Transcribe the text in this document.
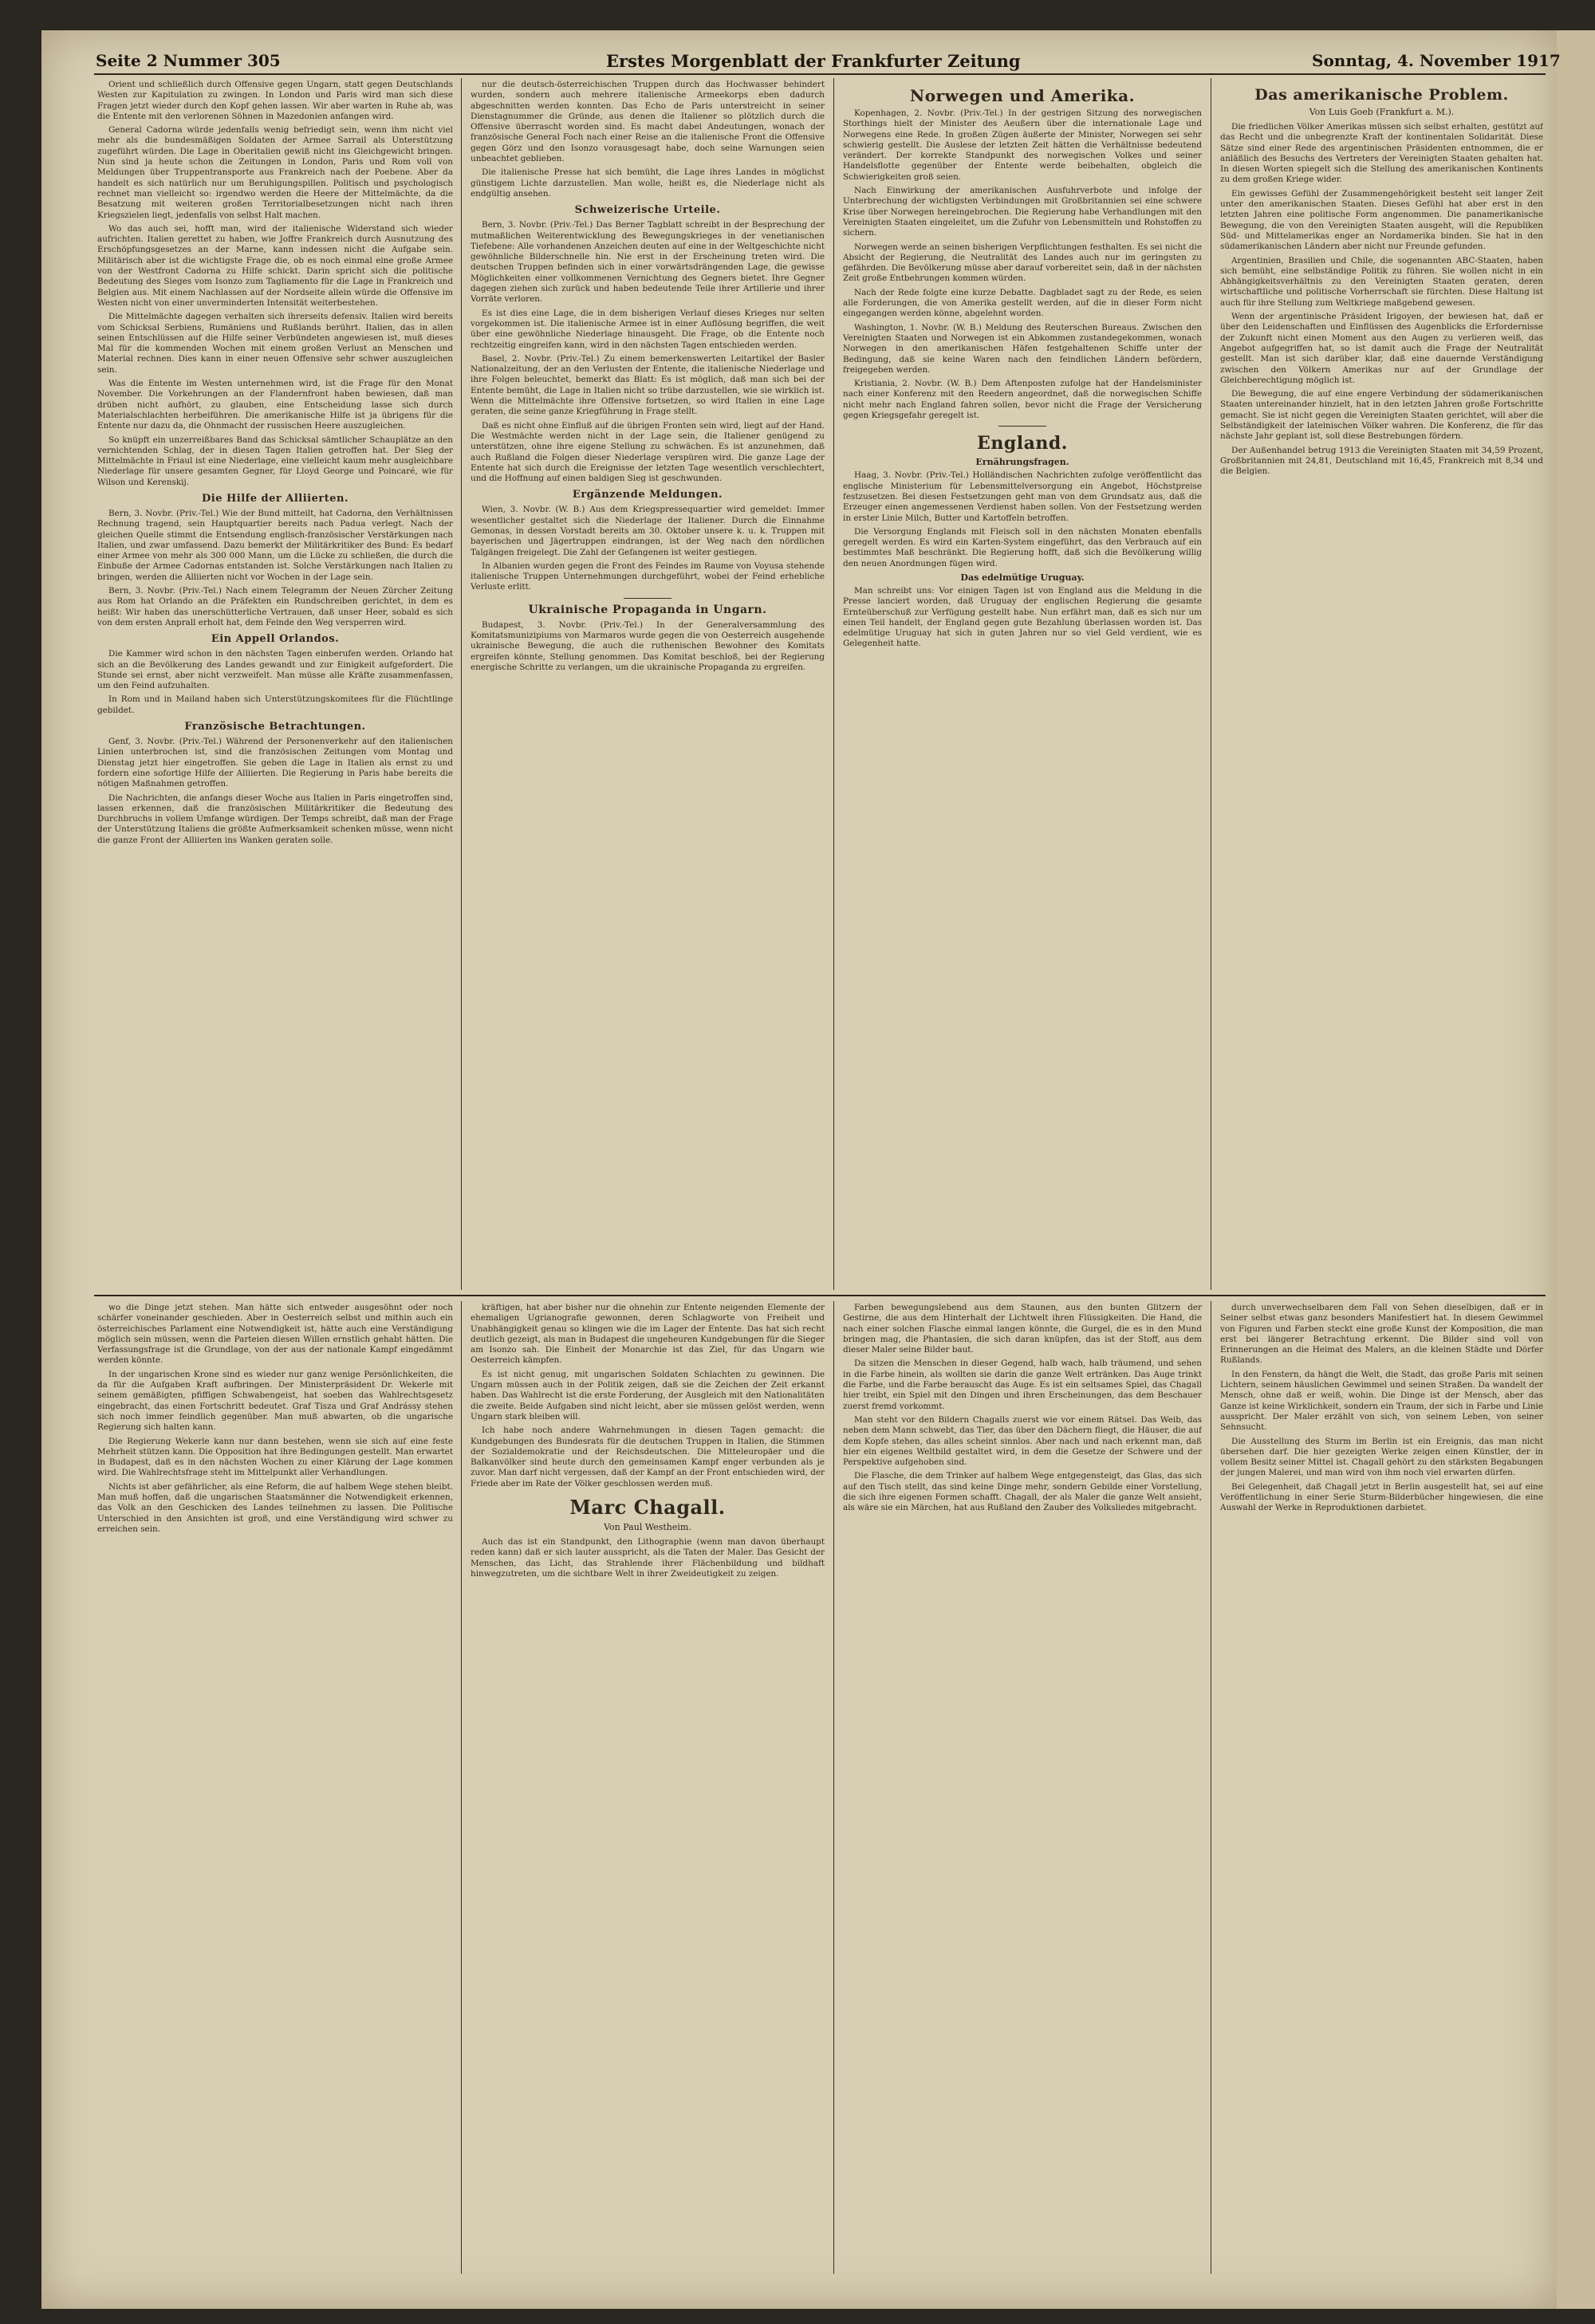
Seite 2 Nummer 305	Erstes Morgenblatt der Frankfurter Zeitung	Sonntag, 4. November 1917

Orient und schließlich durch Offensive gegen Ungarn, statt gegen Deutschlands Westen zur Kapitulation zu zwingen. In London und Paris wird man sich diese Fragen jetzt wieder durch den Kopf gehen lassen. Wir aber warten in Ruhe ab, was die Entente mit den verlorenen Söhnen in Mazedonien anfangen wird.

General Cadorna würde jedenfalls wenig befriedigt sein, wenn ihm nicht viel mehr als die bundesmäßigen Soldaten der Armee Sarrail als Unterstützung zugeführt würden. Die Lage in Oberitalien gewiß nicht ins Gleichgewicht bringen. Nun sind ja heute schon die Zeitungen in London, Paris und Rom voll von Meldungen über Truppentransporte aus Frankreich nach der Poebene. Aber da handelt es sich natürlich nur um Beruhigungspillen. Politisch und psychologisch rechnet man vielleicht so: irgendwo werden die Heere der Mittelmächte, da die Besatzung mit weiteren großen Territorialbesetzungen nicht nach ihren Kriegszielen liegt, jedenfalls von selbst Halt machen.

Wo das auch sei, hofft man, wird der italienische Widerstand sich wieder aufrichten. Italien gerettet zu haben, wie Joffre Frankreich durch Ausnutzung des Erschöpfungsgesetzes an der Marne, kann indessen nicht die Aufgabe sein. Militärisch aber ist die wichtigste Frage die, ob es noch einmal eine große Armee von der Westfront Cadorna zu Hilfe schickt. Darin spricht sich die politische Bedeutung des Sieges vom Isonzo zum Tagliamento für die Lage in Frankreich und Belgien aus. Mit einem Nachlassen auf der Nordseite allein würde die Offensive im Westen nicht von einer unverminderten Intensität weiterbestehen.

Die Mittelmächte dagegen verhalten sich ihrerseits defensiv. Italien wird bereits vom Schicksal Serbiens, Rumäniens und Rußlands berührt. Italien, das in allen seinen Entschlüssen auf die Hilfe seiner Verbündeten angewiesen ist, muß dieses Mal für die kommenden Wochen mit einem großen Verlust an Menschen und Material rechnen. Dies kann in einer neuen Offensive sehr schwer auszugleichen sein.

Was die Entente im Westen unternehmen wird, ist die Frage für den Monat November. Die Vorkehrungen an der Flandernfront haben bewiesen, daß man drüben nicht aufhört, zu glauben, eine Entscheidung lasse sich durch Materialschlachten herbeiführen. Die amerikanische Hilfe ist ja übrigens für die Entente nur dazu da, die Ohnmacht der russischen Heere auszugleichen.

So knüpft ein unzerreißbares Band das Schicksal sämtlicher Schauplätze an den vernichtenden Schlag, der in diesen Tagen Italien getroffen hat. Der Sieg der Mittelmächte in Friaul ist eine Niederlage, eine vielleicht kaum mehr ausgleichbare Niederlage für unsere gesamten Gegner, für Lloyd George und Poincaré, wie für Wilson und Kerenskij.

Die Hilfe der Alliierten.

Bern, 3. Novbr. (Priv.-Tel.) Wie der Bund mitteilt, hat Cadorna, den Verhältnissen Rechnung tragend, sein Hauptquartier bereits nach Padua verlegt. Nach der gleichen Quelle stimmt die Entsendung englisch-französischer Verstärkungen nach Italien, und zwar umfassend. Dazu bemerkt der Militärkritiker des Bund: Es bedarf einer Armee von mehr als 300 000 Mann, um die Lücke zu schließen, die durch die Einbuße der Armee Cadornas entstanden ist. Solche Verstärkungen nach Italien zu bringen, werden die Alliierten nicht vor Wochen in der Lage sein.

Bern, 3. Novbr. (Priv.-Tel.) Nach einem Telegramm der Neuen Zürcher Zeitung aus Rom hat Orlando an die Präfekten ein Rundschreiben gerichtet, in dem es heißt: Wir haben das unerschütterliche Vertrauen, daß unser Heer, sobald es sich von dem ersten Anprall erholt hat, dem Feinde den Weg versperren wird.

Ein Appell Orlandos.

Die Kammer wird schon in den nächsten Tagen einberufen werden. Orlando hat sich an die Bevölkerung des Landes gewandt und zur Einigkeit aufgefordert. Die Stunde sei ernst, aber nicht verzweifelt. Man müsse alle Kräfte zusammenfassen, um den Feind aufzuhalten.

In Rom und in Mailand haben sich Unterstützungskomitees für die Flüchtlinge gebildet.

Französische Betrachtungen.

Genf, 3. Novbr. (Priv.-Tel.) Während der Personenverkehr auf den italienischen Linien unterbrochen ist, sind die französischen Zeitungen vom Montag und Dienstag jetzt hier eingetroffen. Sie geben die Lage in Italien als ernst zu und fordern eine sofortige Hilfe der Alliierten. Die Regierung in Paris habe bereits die nötigen Maßnahmen getroffen.

Die Nachrichten, die anfangs dieser Woche aus Italien in Paris eingetroffen sind, lassen erkennen, daß die französischen Militärkritiker die Bedeutung des Durchbruchs in vollem Umfange würdigen. Der Temps schreibt, daß man der Frage der Unterstützung Italiens die größte Aufmerksamkeit schenken müsse, wenn nicht die ganze Front der Alliierten ins Wanken geraten solle.

nur die deutsch-österreichischen Truppen durch das Hochwasser behindert wurden, sondern auch mehrere italienische Armeekorps eben dadurch abgeschnitten werden konnten. Das Echo de Paris unterstreicht in seiner Dienstagnummer die Gründe, aus denen die Italiener so plötzlich durch die Offensive überrascht worden sind. Es macht dabei Andeutungen, wonach der französische General Foch nach einer Reise an die italienische Front die Offensive gegen Görz und den Isonzo vorausgesagt habe, doch seine Warnungen seien unbeachtet geblieben.

Die italienische Presse hat sich bemüht, die Lage ihres Landes in möglichst günstigem Lichte darzustellen. Man wolle, heißt es, die Niederlage nicht als endgültig ansehen.

Schweizerische Urteile.

Bern, 3. Novbr. (Priv.-Tel.) Das Berner Tagblatt schreibt in der Besprechung der mutmaßlichen Weiterentwicklung des Bewegungskrieges in der venetianischen Tiefebene: Alle vorhandenen Anzeichen deuten auf eine in der Weltgeschichte nicht gewöhnliche Bilderschnelle hin. Nie erst in der Erscheinung treten wird. Die deutschen Truppen befinden sich in einer vorwärtsdrängenden Lage, die gewisse Möglichkeiten einer vollkommenen Vernichtung des Gegners bietet. Ihre Gegner dagegen ziehen sich zurück und haben bedeutende Teile ihrer Artillerie und ihrer Vorräte verloren.

Es ist dies eine Lage, die in dem bisherigen Verlauf dieses Krieges nur selten vorgekommen ist. Die italienische Armee ist in einer Auflösung begriffen, die weit über eine gewöhnliche Niederlage hinausgeht. Die Frage, ob die Entente noch rechtzeitig eingreifen kann, wird in den nächsten Tagen entschieden werden.

Basel, 2. Novbr. (Priv.-Tel.) Zu einem bemerkenswerten Leitartikel der Basler Nationalzeitung, der an den Verlusten der Entente, die italienische Niederlage und ihre Folgen beleuchtet, bemerkt das Blatt: Es ist möglich, daß man sich bei der Entente bemüht, die Lage in Italien nicht so trübe darzustellen, wie sie wirklich ist. Wenn die Mittelmächte ihre Offensive fortsetzen, so wird Italien in eine Lage geraten, die seine ganze Kriegführung in Frage stellt.

Daß es nicht ohne Einfluß auf die übrigen Fronten sein wird, liegt auf der Hand. Die Westmächte werden nicht in der Lage sein, die Italiener genügend zu unterstützen, ohne ihre eigene Stellung zu schwächen. Es ist anzunehmen, daß auch Rußland die Folgen dieser Niederlage verspüren wird. Die ganze Lage der Entente hat sich durch die Ereignisse der letzten Tage wesentlich verschlechtert, und die Hoffnung auf einen baldigen Sieg ist geschwunden.

Ergänzende Meldungen.

Wien, 3. Novbr. (W. B.) Aus dem Kriegspressequartier wird gemeldet: Immer wesentlicher gestaltet sich die Niederlage der Italiener. Durch die Einnahme Gemonas, in dessen Vorstadt bereits am 30. Oktober unsere k. u. k. Truppen mit bayerischen und Jägertruppen eindrangen, ist der Weg nach den nördlichen Talgängen freigelegt. Die Zahl der Gefangenen ist weiter gestiegen.

In Albanien wurden gegen die Front des Feindes im Raume von Voyusa stehende italienische Truppen Unternehmungen durchgeführt, wobei der Feind erhebliche Verluste erlitt.

Ukrainische Propaganda in Ungarn.

Budapest, 3. Novbr. (Priv.-Tel.) In der Generalversammlung des Komitatsmunizipiums von Marmaros wurde gegen die von Oesterreich ausgehende ukrainische Bewegung, die auch die ruthenischen Bewohner des Komitats ergreifen könnte, Stellung genommen. Das Komitat beschloß, bei der Regierung energische Schritte zu verlangen, um die ukrainische Propaganda zu ergreifen.

Norwegen und Amerika.

Kopenhagen, 2. Novbr. (Priv.-Tel.) In der gestrigen Sitzung des norwegischen Storthings hielt der Minister des Aeußern über die internationale Lage und Norwegens eine Rede. In großen Zügen äußerte der Minister, Norwegen sei sehr schwierig gestellt. Die Auslese der letzten Zeit hätten die Verhältnisse bedeutend verändert. Der korrekte Standpunkt des norwegischen Volkes und seiner Handelsflotte gegenüber der Entente werde beibehalten, obgleich die Schwierigkeiten groß seien.

Nach Einwirkung der amerikanischen Ausfuhrverbote und infolge der Unterbrechung der wichtigsten Verbindungen mit Großbritannien sei eine schwere Krise über Norwegen hereingebrochen. Die Regierung habe Verhandlungen mit den Vereinigten Staaten eingeleitet, um die Zufuhr von Lebensmitteln und Rohstoffen zu sichern.

Norwegen werde an seinen bisherigen Verpflichtungen festhalten. Es sei nicht die Absicht der Regierung, die Neutralität des Landes auch nur im geringsten zu gefährden. Die Bevölkerung müsse aber darauf vorbereitet sein, daß in der nächsten Zeit große Entbehrungen kommen würden.

Nach der Rede folgte eine kurze Debatte. Dagbladet sagt zu der Rede, es seien alle Forderungen, die von Amerika gestellt werden, auf die in dieser Form nicht eingegangen werden könne, abgelehnt worden.

Washington, 1. Novbr. (W. B.) Meldung des Reuterschen Bureaus. Zwischen den Vereinigten Staaten und Norwegen ist ein Abkommen zustandegekommen, wonach Norwegen in den amerikanischen Häfen festgehaltenen Schiffe unter der Bedingung, daß sie keine Waren nach den feindlichen Ländern befördern, freigegeben werden.

Kristiania, 2. Novbr. (W. B.) Dem Aftenposten zufolge hat der Handelsminister nach einer Konferenz mit den Reedern angeordnet, daß die norwegischen Schiffe nicht mehr nach England fahren sollen, bevor nicht die Frage der Versicherung gegen Kriegsgefahr geregelt ist.

England.
Ernährungsfragen.

Haag, 3. Novbr. (Priv.-Tel.) Holländischen Nachrichten zufolge veröffentlicht das englische Ministerium für Lebensmittelversorgung ein Angebot, Höchstpreise festzusetzen. Bei diesen Festsetzungen geht man von dem Grundsatz aus, daß die Erzeuger einen angemessenen Verdienst haben sollen. Von der Festsetzung werden in erster Linie Milch, Butter und Kartoffeln betroffen.

Die Versorgung Englands mit Fleisch soll in den nächsten Monaten ebenfalls geregelt werden. Es wird ein Karten-System eingeführt, das den Verbrauch auf ein bestimmtes Maß beschränkt. Die Regierung hofft, daß sich die Bevölkerung willig den neuen Anordnungen fügen wird.

Das edelmütige Uruguay.

Man schreibt uns: Vor einigen Tagen ist von England aus die Meldung in die Presse lanciert worden, daß Uruguay der englischen Regierung die gesamte Ernteüberschuß zur Verfügung gestellt habe. Nun erfährt man, daß es sich nur um einen Teil handelt, der England gegen gute Bezahlung überlassen worden ist. Das edelmütige Uruguay hat sich in guten Jahren nur so viel Geld verdient, wie es Gelegenheit hatte.

Das amerikanische Problem.
Von Luis Goeb (Frankfurt a. M.).

Die friedlichen Völker Amerikas müssen sich selbst erhalten, gestützt auf das Recht und die unbegrenzte Kraft der kontinentalen Solidarität. Diese Sätze sind einer Rede des argentinischen Präsidenten entnommen, die er anläßlich des Besuchs des Vertreters der Vereinigten Staaten gehalten hat. In diesen Worten spiegelt sich die Stellung des amerikanischen Kontinents zu dem großen Kriege wider.

Ein gewisses Gefühl der Zusammengehörigkeit besteht seit langer Zeit unter den amerikanischen Staaten. Dieses Gefühl hat aber erst in den letzten Jahren eine politische Form angenommen. Die panamerikanische Bewegung, die von den Vereinigten Staaten ausgeht, will die Republiken Süd- und Mittelamerikas enger an Nordamerika binden. Sie hat in den südamerikanischen Ländern aber nicht nur Freunde gefunden.

Argentinien, Brasilien und Chile, die sogenannten ABC-Staaten, haben sich bemüht, eine selbständige Politik zu führen. Sie wollen nicht in ein Abhängigkeitsverhältnis zu den Vereinigten Staaten geraten, deren wirtschaftliche und politische Vorherrschaft sie fürchten. Diese Haltung ist auch für ihre Stellung zum Weltkriege maßgebend gewesen.

Wenn der argentinische Präsident Irigoyen, der bewiesen hat, daß er über den Leidenschaften und Einflüssen des Augenblicks die Erfordernisse der Zukunft nicht einen Moment aus den Augen zu verlieren weiß, das Angebot aufgegriffen hat, so ist damit auch die Frage der Neutralität gestellt. Man ist sich darüber klar, daß eine dauernde Verständigung zwischen den Völkern Amerikas nur auf der Grundlage der Gleichberechtigung möglich ist.

Die Bewegung, die auf eine engere Verbindung der südamerikanischen Staaten untereinander hinzielt, hat in den letzten Jahren große Fortschritte gemacht. Sie ist nicht gegen die Vereinigten Staaten gerichtet, will aber die Selbständigkeit der lateinischen Völker wahren. Die Konferenz, die für das nächste Jahr geplant ist, soll diese Bestrebungen fördern.

Der Außenhandel betrug 1913 die Vereinigten Staaten mit 34,59 Prozent, Großbritannien mit 24,81, Deutschland mit 16,45, Frankreich mit 8,34 und die Belgien.

wo die Dinge jetzt stehen. Man hätte sich entweder ausgesöhnt oder noch schärfer voneinander geschieden. Aber in Oesterreich selbst und mithin auch ein österreichisches Parlament eine Notwendigkeit ist, hätte auch eine Verständigung möglich sein müssen, wenn die Parteien diesen Willen ernstlich gehabt hätten. Die Verfassungsfrage ist die Grundlage, von der aus der nationale Kampf eingedämmt werden könnte.

In der ungarischen Krone sind es wieder nur ganz wenige Persönlichkeiten, die da für die Aufgaben Kraft aufbringen. Der Ministerpräsident Dr. Wekerle mit seinem gemäßigten, pfiffigen Schwabengeist, hat soeben das Wahlrechtsgesetz eingebracht, das einen Fortschritt bedeutet. Graf Tisza und Graf Andrássy stehen sich noch immer feindlich gegenüber. Man muß abwarten, ob die ungarische Regierung sich halten kann.

Die Regierung Wekerle kann nur dann bestehen, wenn sie sich auf eine feste Mehrheit stützen kann. Die Opposition hat ihre Bedingungen gestellt. Man erwartet in Budapest, daß es in den nächsten Wochen zu einer Klärung der Lage kommen wird. Die Wahlrechtsfrage steht im Mittelpunkt aller Verhandlungen.

Nichts ist aber gefährlicher, als eine Reform, die auf halbem Wege stehen bleibt. Man muß hoffen, daß die ungarischen Staatsmänner die Notwendigkeit erkennen, das Volk an den Geschicken des Landes teilnehmen zu lassen. Die Politische Unterschied in den Ansichten ist groß, und eine Verständigung wird schwer zu erreichen sein.

kräftigen, hat aber bisher nur die ohnehin zur Entente neigenden Elemente der ehemaligen Ugrianografie gewonnen, deren Schlagworte von Freiheit und Unabhängigkeit genau so klingen wie die im Lager der Entente. Das hat sich recht deutlich gezeigt, als man in Budapest die ungeheuren Kundgebungen für die Sieger am Isonzo sah. Die Einheit der Monarchie ist das Ziel, für das Ungarn wie Oesterreich kämpfen.

Es ist nicht genug, mit ungarischen Soldaten Schlachten zu gewinnen. Die Ungarn müssen auch in der Politik zeigen, daß sie die Zeichen der Zeit erkannt haben. Das Wahlrecht ist die erste Forderung, der Ausgleich mit den Nationalitäten die zweite. Beide Aufgaben sind nicht leicht, aber sie müssen gelöst werden, wenn Ungarn stark bleiben will.

Ich habe noch andere Wahrnehmungen in diesen Tagen gemacht: die Kundgebungen des Bundesrats für die deutschen Truppen in Italien, die Stimmen der Sozialdemokratie und der Reichsdeutschen. Die Mitteleuropäer und die Balkanvölker sind heute durch den gemeinsamen Kampf enger verbunden als je zuvor. Man darf nicht vergessen, daß der Kampf an der Front entschieden wird, der Friede aber im Rate der Völker geschlossen werden muß.

Marc Chagall.
Von Paul Westheim.

Auch das ist ein Standpunkt, den Lithographie (wenn man davon überhaupt reden kann) daß er sich lauter ausspricht, als die Taten der Maler. Das Gesicht der Menschen, das Licht, das Strahlende ihrer Flächenbildung und bildhaft hinwegzutreten, um die sichtbare Welt in ihrer Zweideutigkeit zu zeigen.

Farben bewegungslebend aus dem Staunen, aus den bunten Glitzern der Gestirne, die aus dem Hinterhalt der Lichtwelt ihren Flüssigkeiten. Die Hand, die nach einer solchen Flasche einmal langen könnte, die Gurgel, die es in den Mund bringen mag, die Phantasien, die sich daran knüpfen, das ist der Stoff, aus dem dieser Maler seine Bilder baut.

Da sitzen die Menschen in dieser Gegend, halb wach, halb träumend, und sehen in die Farbe hinein, als wollten sie darin die ganze Welt ertränken. Das Auge trinkt die Farbe, und die Farbe berauscht das Auge. Es ist ein seltsames Spiel, das Chagall hier treibt, ein Spiel mit den Dingen und ihren Erscheinungen, das dem Beschauer zuerst fremd vorkommt.

Man steht vor den Bildern Chagalls zuerst wie vor einem Rätsel. Das Weib, das neben dem Mann schwebt, das Tier, das über den Dächern fliegt, die Häuser, die auf dem Kopfe stehen, das alles scheint sinnlos. Aber nach und nach erkennt man, daß hier ein eigenes Weltbild gestaltet wird, in dem die Gesetze der Schwere und der Perspektive aufgehoben sind.

Die Flasche, die dem Trinker auf halbem Wege entgegensteigt, das Glas, das sich auf den Tisch stellt, das sind keine Dinge mehr, sondern Gebilde einer Vorstellung, die sich ihre eigenen Formen schafft. Chagall, der als Maler die ganze Welt ansieht, als wäre sie ein Märchen, hat aus Rußland den Zauber des Volksliedes mitgebracht.

durch unverwechselbaren dem Fall von Sehen dieselbigen, daß er in Seiner selbst etwas ganz besonders Manifestiert hat. In diesem Gewimmel von Figuren und Farben steckt eine große Kunst der Komposition, die man erst bei längerer Betrachtung erkennt. Die Bilder sind voll von Erinnerungen an die Heimat des Malers, an die kleinen Städte und Dörfer Rußlands.

In den Fenstern, da hängt die Welt, die Stadt, das große Paris mit seinen Lichtern, seinem häuslichen Gewimmel und seinen Straßen. Da wandelt der Mensch, ohne daß er weiß, wohin. Die Dinge ist der Mensch, aber das Ganze ist keine Wirklichkeit, sondern ein Traum, der sich in Farbe und Linie ausspricht. Der Maler erzählt von sich, von seinem Leben, von seiner Sehnsucht.

Die Ausstellung des Sturm im Berlin ist ein Ereignis, das man nicht übersehen darf. Die hier gezeigten Werke zeigen einen Künstler, der in vollem Besitz seiner Mittel ist. Chagall gehört zu den stärksten Begabungen der jungen Malerei, und man wird von ihm noch viel erwarten dürfen.

Bei Gelegenheit, daß Chagall jetzt in Berlin ausgestellt hat, sei auf eine Veröffentlichung in einer Serie Sturm-Bilderbücher hingewiesen, die eine Auswahl der Werke in Reproduktionen darbietet.
